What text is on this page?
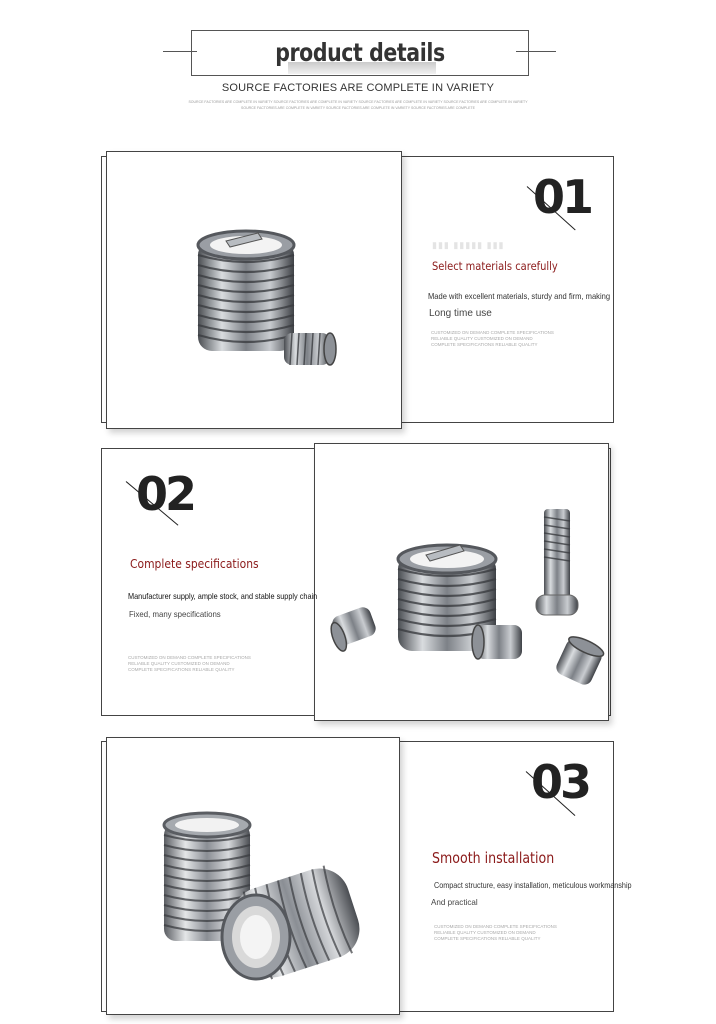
product details
SOURCE FACTORIES ARE COMPLETE IN VARIETY
SOURCE FACTORIES ARE COMPLETE IN VARIETY SOURCE FACTORIES ARE COMPLETE IN VARIETY SOURCE FACTORIES ARE COMPLETE IN VARIETY SOURCE FACTORIES ARE COMPLETE IN VARIETY
SOURCE FACTORIES ARE COMPLETE IN VARIETY SOURCE FACTORIES ARE COMPLETE IN VARIETY SOURCE FACTORIES ARE COMPLETE
▮▮▮ ▮▮▮▮▮ ▮▮▮
01
Select materials carefully
Made with excellent materials, sturdy and firm, making
Long time use
CUSTOMIZED ON DEMAND COMPLETE SPECIFICATIONS
RELIABLE QUALITY CUSTOMIZED ON DEMAND
COMPLETE SPECIFICATIONS RELIABLE QUALITY
02
Complete specifications
Manufacturer supply, ample stock, and stable supply chain
Fixed, many specifications
CUSTOMIZED ON DEMAND COMPLETE SPECIFICATIONS
RELIABLE QUALITY CUSTOMIZED ON DEMAND
COMPLETE SPECIFICATIONS RELIABLE QUALITY
03
Smooth installation
Compact structure, easy installation, meticulous workmanship
And practical
CUSTOMIZED ON DEMAND COMPLETE SPECIFICATIONS
RELIABLE QUALITY CUSTOMIZED ON DEMAND
COMPLETE SPECIFICATIONS RELIABLE QUALITY
